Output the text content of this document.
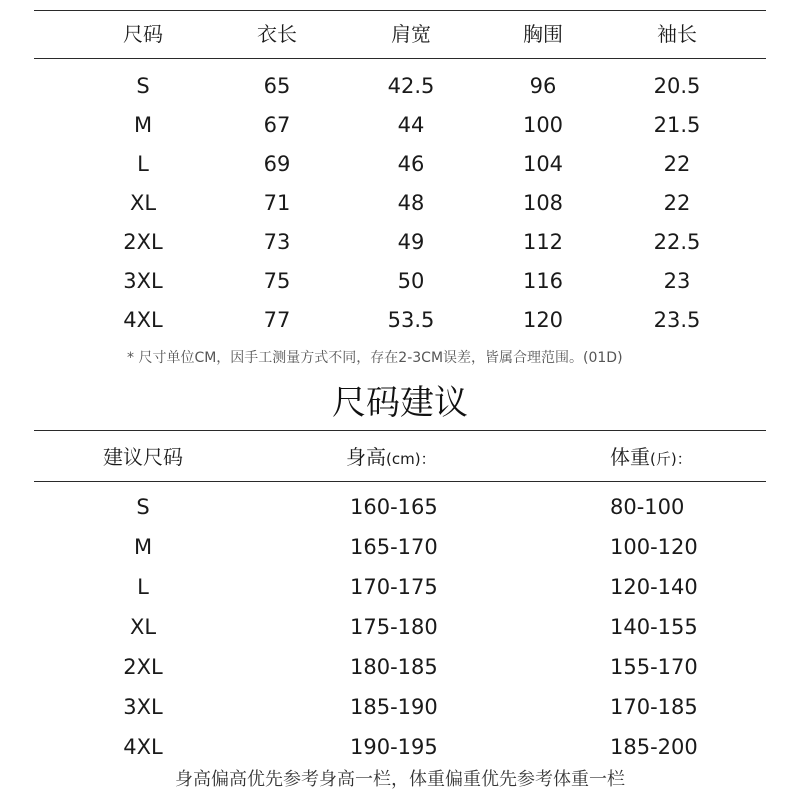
尺码	衣长	肩宽	胸围	袖长
S	65	42.5	96	20.5
M	67	44	100	21.5
L	69	46	104	22
XL	71	48	108	22
2XL	73	49	112	22.5
3XL	75	50	116	23
4XL	77	53.5	120	23.5
* 尺寸单位CM，因手工测量方式不同，存在2-3CM误差，皆属合理范围。(01D)
尺码建议
建议尺码	身高(cm)：	体重(斤)：
S	160-165	80-100
M	165-170	100-120
L	170-175	120-140
XL	175-180	140-155
2XL	180-185	155-170
3XL	185-190	170-185
4XL	190-195	185-200
身高偏高优先参考身高一栏，体重偏重优先参考体重一栏
